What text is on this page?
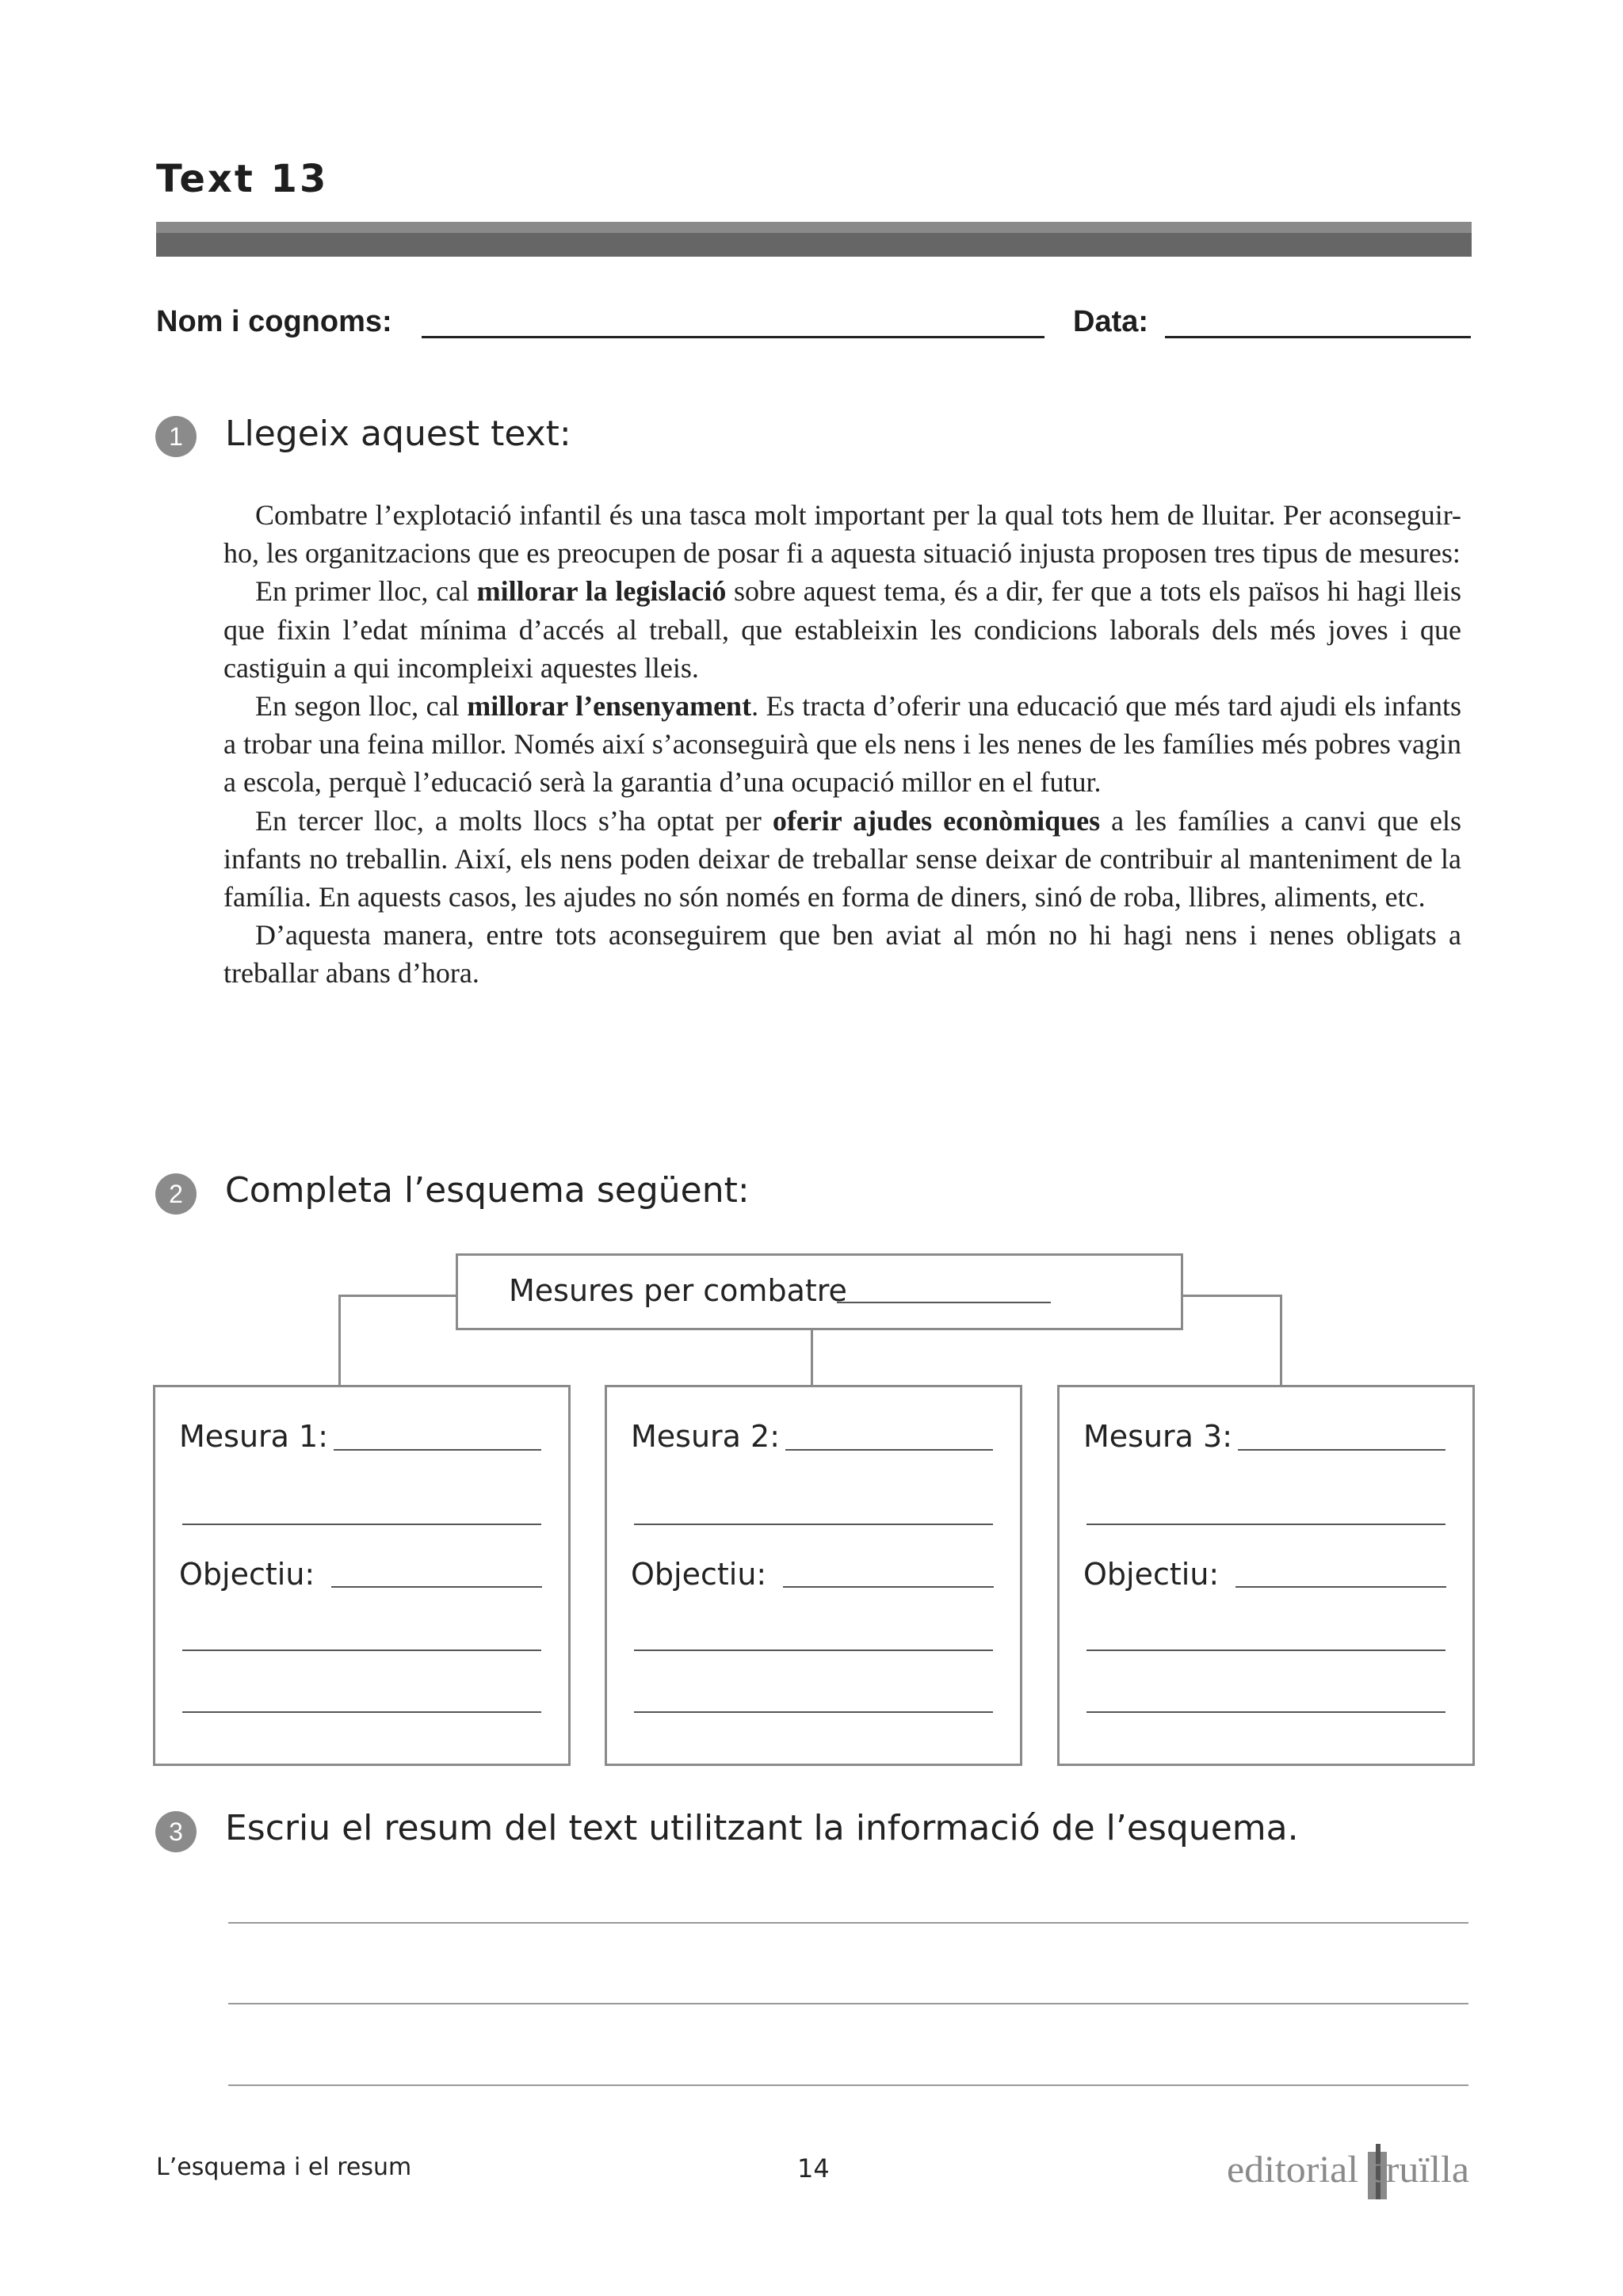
Text 13
Nom i cognoms:	Data:
1	Llegeix aquest text:

Combatre l’explotació infantil és una tasca molt important per la qual tots hem de lluitar. Per aconseguir-ho, les organitzacions que es preocupen de posar fi a aquesta situació injusta proposen tres tipus de mesures:

En primer lloc, cal millorar la legislació sobre aquest tema, és a dir, fer que a tots els països hi hagi lleis que fixin l’edat mínima d’accés al treball, que estableixin les condicions laborals dels més joves i que castiguin a qui incompleixi aquestes lleis.

En segon lloc, cal millorar l’ensenyament. Es tracta d’oferir una educació que més tard ajudi els infants a trobar una feina millor. Només així s’aconseguirà que els nens i les nenes de les famílies més pobres vagin a escola, perquè l’educació serà la garantia d’una ocupació millor en el futur.

En tercer lloc, a molts llocs s’ha optat per oferir ajudes econòmiques a les famílies a canvi que els infants no treballin. Així, els nens poden deixar de treballar sense deixar de contribuir al manteniment de la família. En aquests casos, les ajudes no són només en forma de diners, sinó de roba, llibres, aliments, etc.

D’aquesta manera, entre tots aconseguirem que ben aviat al món no hi hagi nens i nenes obligats a treballar abans d’hora.

2	Completa l’esquema següent:
Mesures per combatre
Mesura 1:
Objectiu:
Mesura 2:
Objectiu:
Mesura 3:
Objectiu:
3	Escriu el resum del text utilitzant la informació de l’esquema.
L’esquema i el resum	14	editorial cruïlla
